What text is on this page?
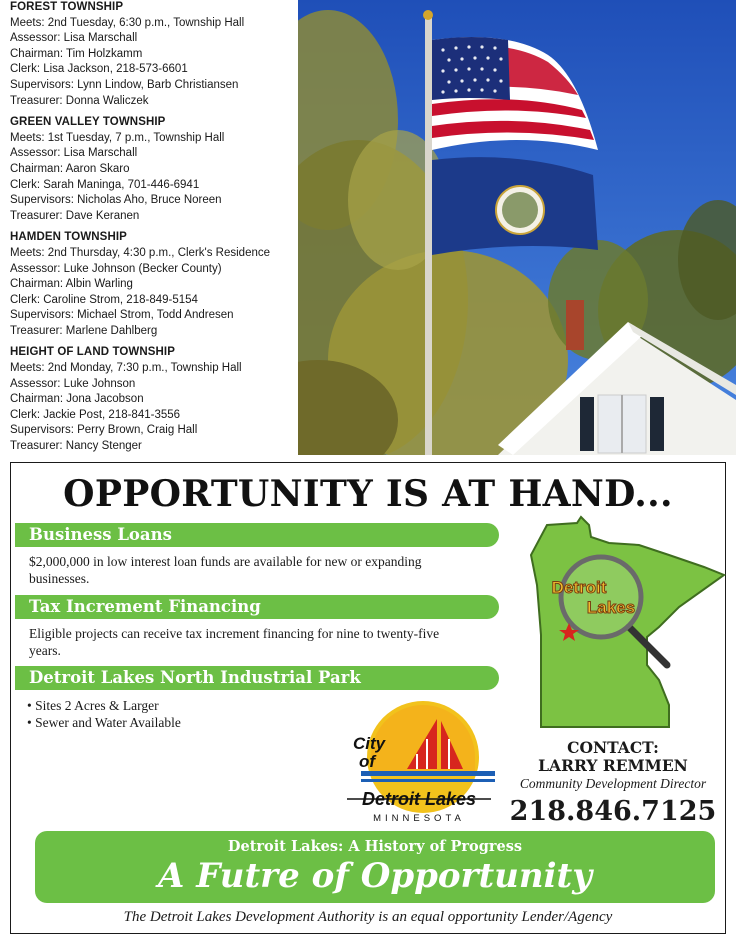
FOREST TOWNSHIP
Meets: 2nd Tuesday, 6:30 p.m., Township Hall
Assessor: Lisa Marschall
Chairman: Tim Holzkamm
Clerk: Lisa Jackson, 218-573-6601
Supervisors: Lynn Lindow, Barb Christiansen
Treasurer: Donna Waliczek
GREEN VALLEY TOWNSHIP
Meets: 1st Tuesday, 7 p.m., Township Hall
Assessor: Lisa Marschall
Chairman: Aaron Skaro
Clerk: Sarah Maninga, 701-446-6941
Supervisors: Nicholas Aho, Bruce Noreen
Treasurer: Dave Keranen
HAMDEN TOWNSHIP
Meets: 2nd Thursday, 4:30 p.m., Clerk's Residence
Assessor: Luke Johnson (Becker County)
Chairman: Albin Warling
Clerk: Caroline Strom, 218-849-5154
Supervisors: Michael Strom, Todd Andresen
Treasurer: Marlene Dahlberg
HEIGHT OF LAND TOWNSHIP
Meets: 2nd Monday, 7:30 p.m., Township Hall
Assessor: Luke Johnson
Chairman: Jona Jacobson
Clerk: Jackie Post, 218-841-3556
Supervisors: Perry Brown, Craig Hall
Treasurer: Nancy Stenger
OPPORTUNITY IS AT HAND...
Business Loans
$2,000,000 in low interest loan funds are available for new or expanding businesses.
Tax Increment Financing
Eligible projects can receive tax increment financing for nine to twenty-five years.
Detroit Lakes North Industrial Park
• Sites 2 Acres & Larger
• Sewer and Water Available
Detroit
Lakes
City
of
Detroit Lakes
MINNESOTA
CONTACT:
LARRY REMMEN
Community Development Director
218.846.7125
Detroit Lakes: A History of Progress
A Futre of Opportunity
The Detroit Lakes Development Authority is an equal opportunity Lender/Agency
